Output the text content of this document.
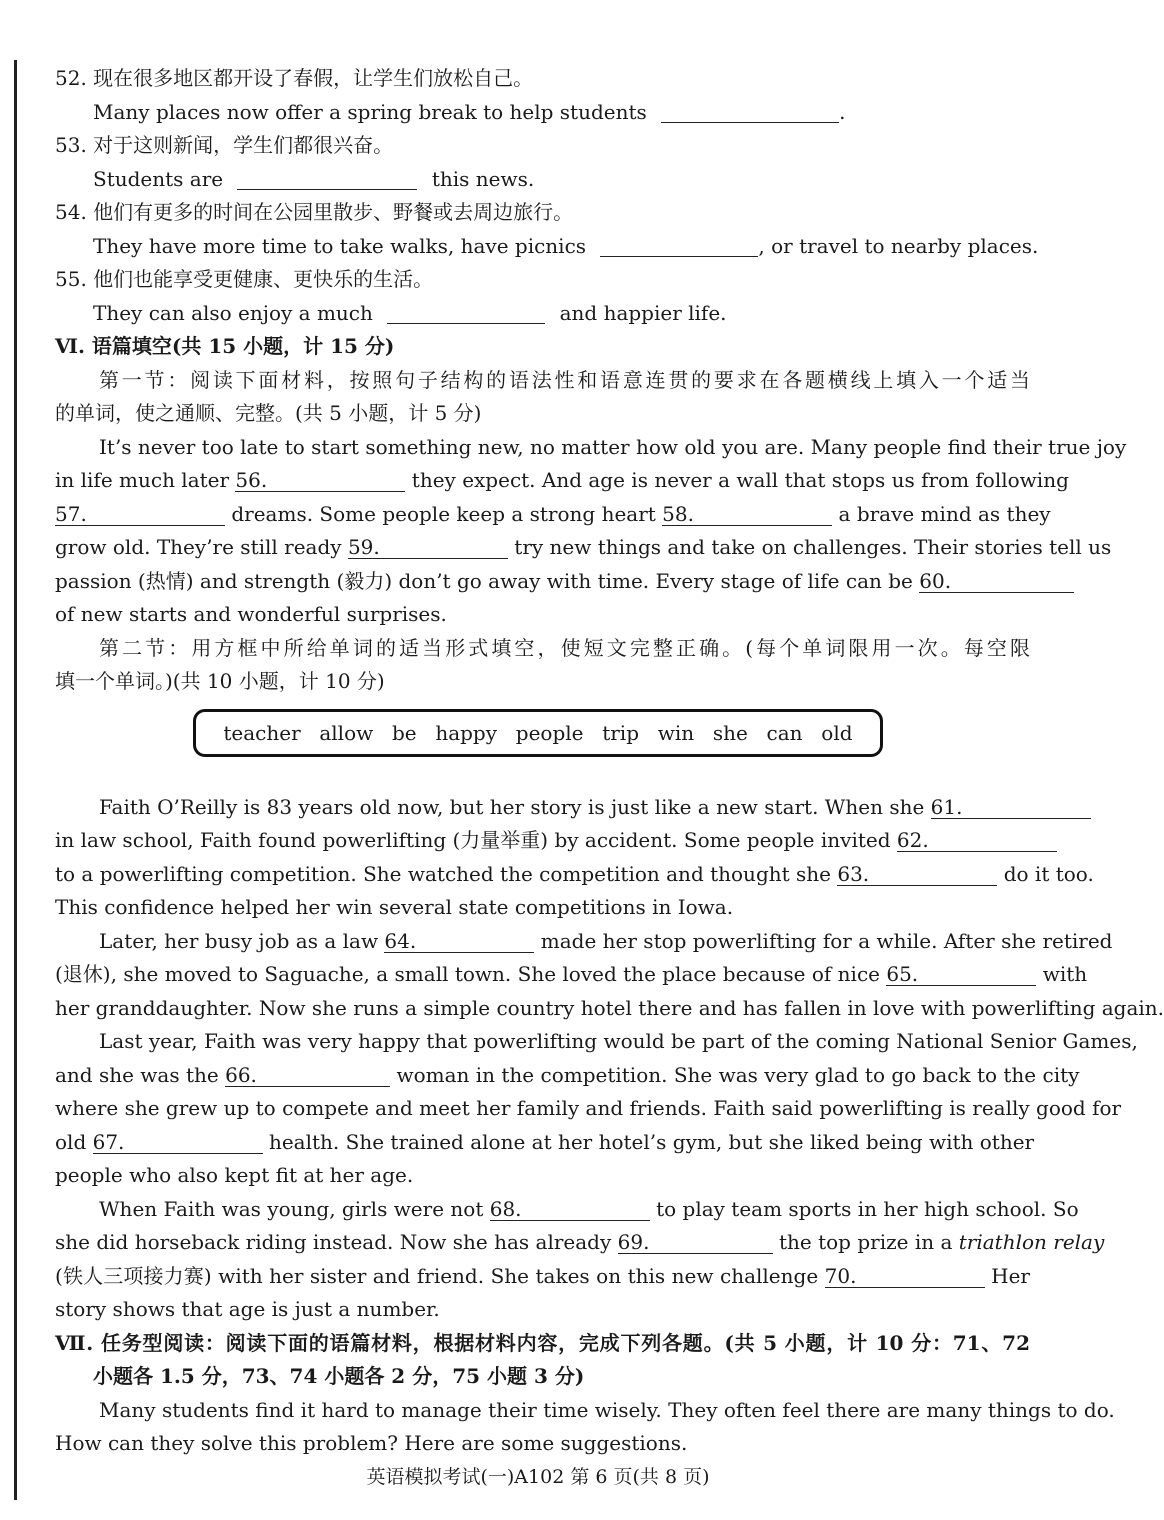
52. 现在很多地区都开设了春假，让学生们放松自己。
Many places now offer a spring break to help students	.
53. 对于这则新闻，学生们都很兴奋。
Students are	this news.
54. 他们有更多的时间在公园里散步、野餐或去周边旅行。
They have more time to take walks, have picnics	, or travel to nearby places.
55. 他们也能享受更健康、更快乐的生活。
They can also enjoy a much	and happier life.
Ⅵ. 语篇填空(共 15 小题，计 15 分)
第一节：阅读下面材料，按照句子结构的语法性和语意连贯的要求在各题横线上填入一个适当
的单词，使之通顺、完整。(共 5 小题，计 5 分)
It’s never too late to start something new, no matter how old you are. Many people find their true joy
in life much later 56.	they expect. And age is never a wall that stops us from following
57.	dreams. Some people keep a strong heart 58.	a brave mind as they
grow old. They’re still ready 59.	try new things and take on challenges. Their stories tell us
passion (热情) and strength (毅力) don’t go away with time. Every stage of life can be 60.
of new starts and wonderful surprises.
第二节：用方框中所给单词的适当形式填空，使短文完整正确。(每个单词限用一次。每空限
填一个单词。)(共 10 小题，计 10 分)
teacher allow be happy people trip win she can old
Faith O’Reilly is 83 years old now, but her story is just like a new start. When she 61.
in law school, Faith found powerlifting (力量举重) by accident. Some people invited 62.
to a powerlifting competition. She watched the competition and thought she 63.	do it too.
This confidence helped her win several state competitions in Iowa.
Later, her busy job as a law 64.	made her stop powerlifting for a while. After she retired
(退休), she moved to Saguache, a small town. She loved the place because of nice 65.	with
her granddaughter. Now she runs a simple country hotel there and has fallen in love with powerlifting again.
Last year, Faith was very happy that powerlifting would be part of the coming National Senior Games,
and she was the 66.	woman in the competition. She was very glad to go back to the city
where she grew up to compete and meet her family and friends. Faith said powerlifting is really good for
old 67.	health. She trained alone at her hotel’s gym, but she liked being with other
people who also kept fit at her age.
When Faith was young, girls were not 68.	to play team sports in her high school. So
she did horseback riding instead. Now she has already 69.	the top prize in a triathlon relay
(铁人三项接力赛) with her sister and friend. She takes on this new challenge 70.	Her
story shows that age is just a number.
Ⅶ. 任务型阅读：阅读下面的语篇材料，根据材料内容，完成下列各题。(共 5 小题，计 10 分：71、72
小题各 1.5 分，73、74 小题各 2 分，75 小题 3 分)
Many students find it hard to manage their time wisely. They often feel there are many things to do.
How can they solve this problem? Here are some suggestions.
英语模拟考试(一)A102 第 6 页(共 8 页)
